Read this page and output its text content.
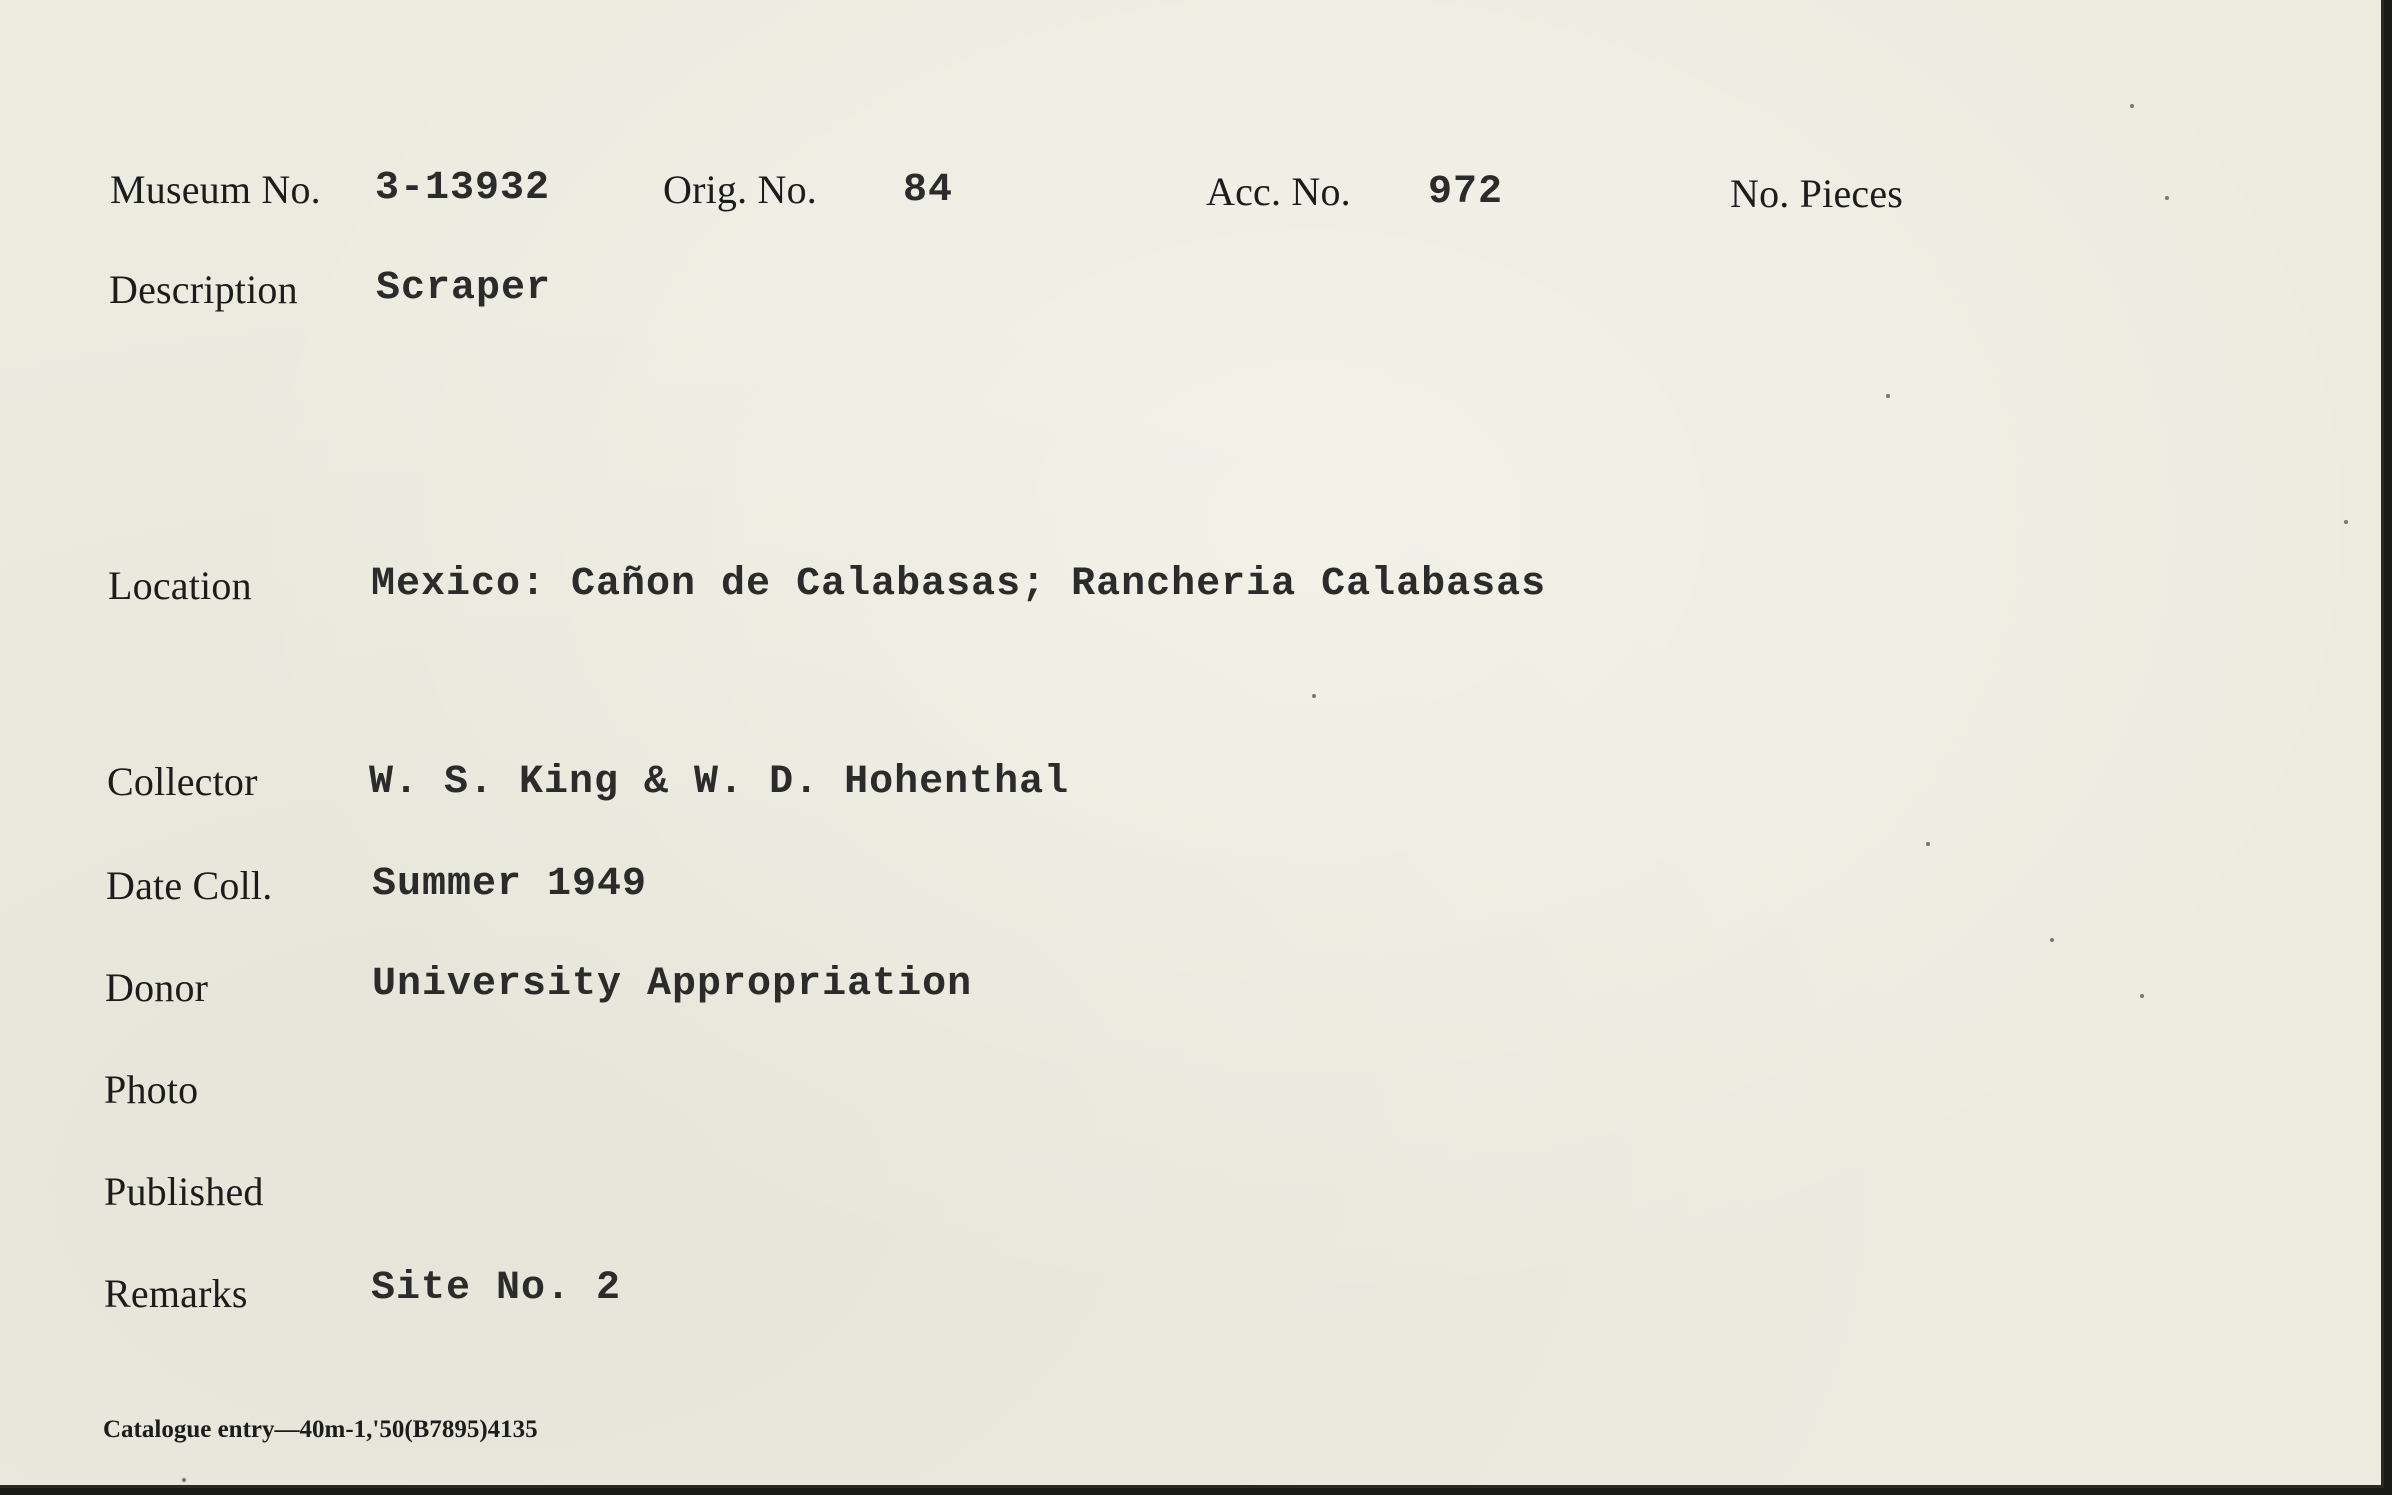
Museum No. 3-13932	Orig. No. 84	Acc. No. 972	No. Pieces
Description Scraper
Location	Mexico: Cañon de Calabasas; Rancheria Calabasas
Collector	W. S. King & W. D. Hohenthal
Date Coll. Summer 1949
Donor	University Appropriation
Photo
Published
Remarks	Site No. 2
Catalogue entry—40m-1,'50(B7895)4135
